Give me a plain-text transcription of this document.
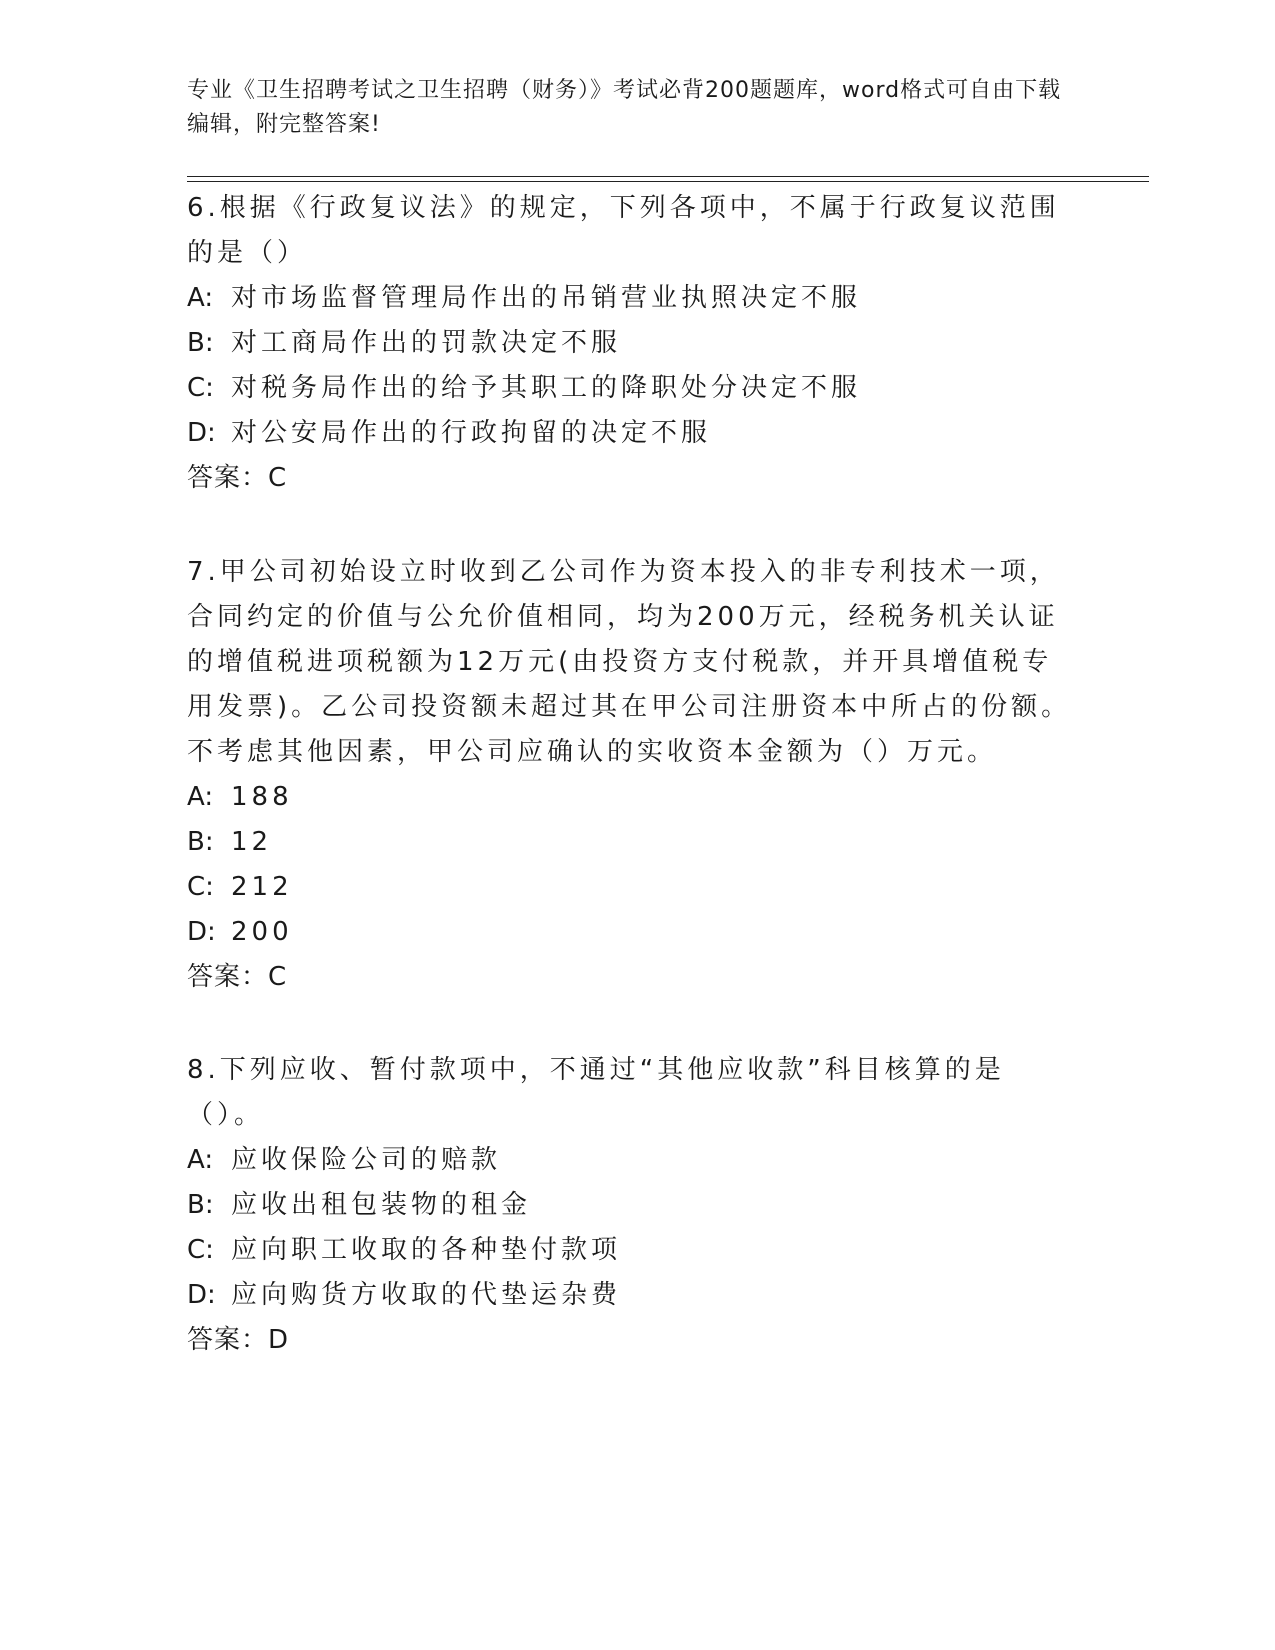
专业《卫生招聘考试之卫生招聘（财务）》考试必背200题题库，word格式可自由下载编辑，附完整答案!

6.根据《行政复议法》的规定，下列各项中，不属于行政复议范围的是（）

A: 对市场监督管理局作出的吊销营业执照决定不服

B: 对工商局作出的罚款决定不服

C: 对税务局作出的给予其职工的降职处分决定不服

D: 对公安局作出的行政拘留的决定不服

答案：C

7.甲公司初始设立时收到乙公司作为资本投入的非专利技术一项，合同约定的价值与公允价值相同，均为200万元，经税务机关认证的增值税进项税额为12万元(由投资方支付税款，并开具增值税专用发票)。乙公司投资额未超过其在甲公司注册资本中所占的份额。不考虑其他因素，甲公司应确认的实收资本金额为（）万元。

A: 188

B: 12

C: 212

D: 200

答案：C

8.下列应收、暂付款项中，不通过“其他应收款”科目核算的是（）。

A: 应收保险公司的赔款

B: 应收出租包装物的租金

C: 应向职工收取的各种垫付款项

D: 应向购货方收取的代垫运杂费

答案：D
